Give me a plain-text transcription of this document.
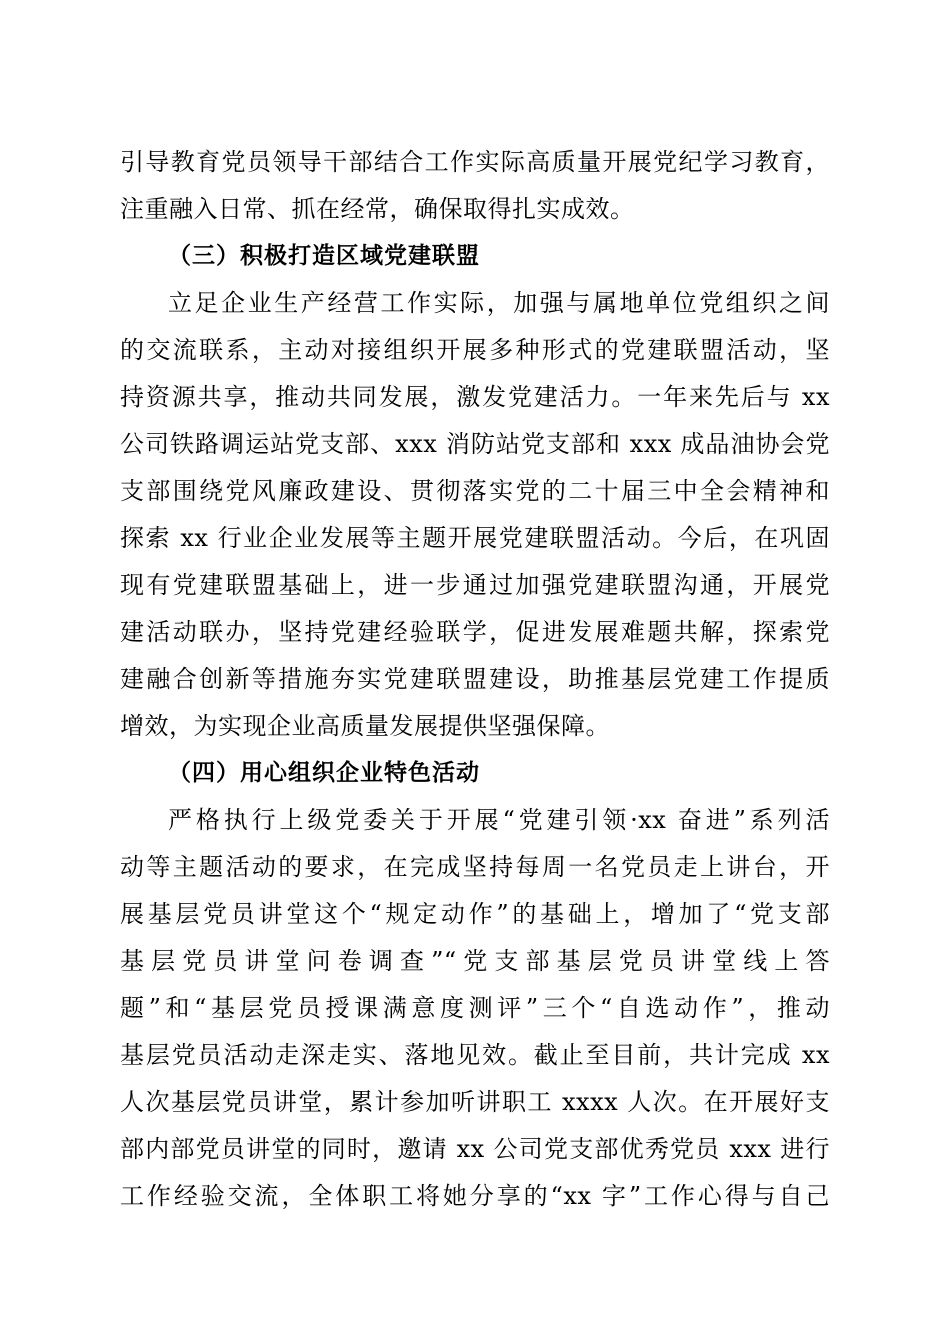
引导教育党员领导干部结合工作实际高质量开展党纪学习教育，

注重融入日常、抓在经常，确保取得扎实成效。

（三）积极打造区域党建联盟

立足企业生产经营工作实际，加强与属地单位党组织之间

的交流联系，主动对接组织开展多种形式的党建联盟活动，坚

持资源共享，推动共同发展，激发党建活力。一年来先后与 xx

公司铁路调运站党支部、xxx 消防站党支部和 xxx 成品油协会党

支部围绕党风廉政建设、贯彻落实党的二十届三中全会精神和

探索 xx 行业企业发展等主题开展党建联盟活动。今后，在巩固

现有党建联盟基础上，进一步通过加强党建联盟沟通，开展党

建活动联办，坚持党建经验联学，促进发展难题共解，探索党

建融合创新等措施夯实党建联盟建设，助推基层党建工作提质

增效，为实现企业高质量发展提供坚强保障。

（四）用心组织企业特色活动

严格执行上级党委关于开展“党建引领·xx 奋进”系列活

动等主题活动的要求，在完成坚持每周一名党员走上讲台，开

展基层党员讲堂这个“规定动作”的基础上，增加了“党支部

基层党员讲堂问卷调查”“党支部基层党员讲堂线上答

题”和“基层党员授课满意度测评”三个“自选动作”，推动

基层党员活动走深走实、落地见效。截止至目前，共计完成 xx

人次基层党员讲堂，累计参加听讲职工 xxxx 人次。在开展好支

部内部党员讲堂的同时，邀请 xx 公司党支部优秀党员 xxx 进行

工作经验交流，全体职工将她分享的“xx 字”工作心得与自己
